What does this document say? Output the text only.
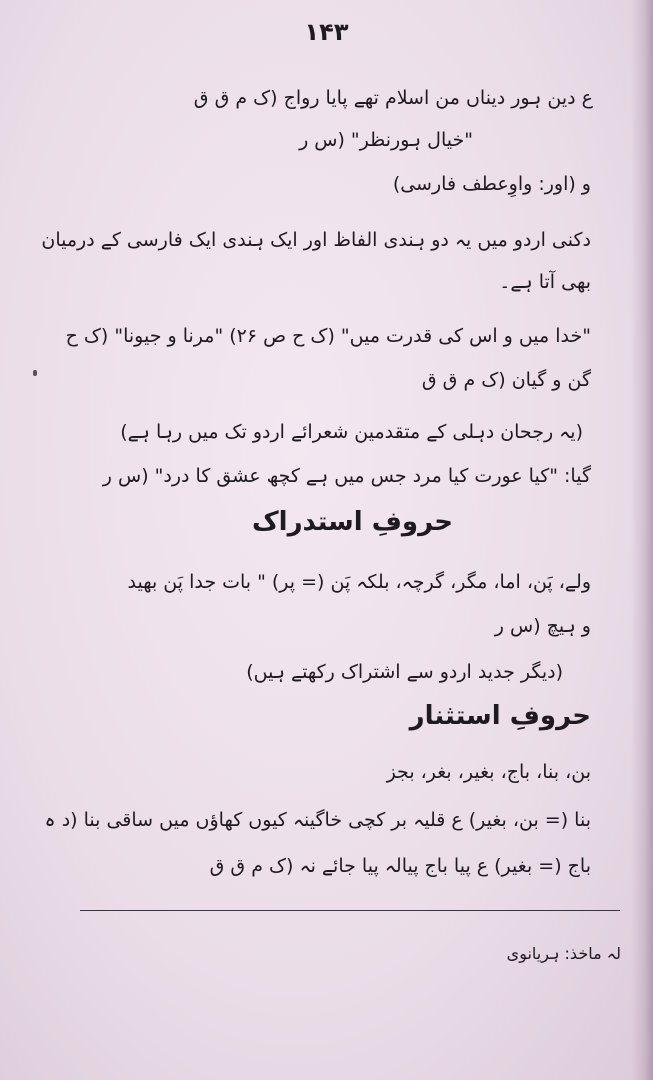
۱۴۳
ع دین ہور دیناں من اسلام تھے پایا رواج (ک م ق ق
"خیال ہورنظر" (س ر
و (اور: واوِعطف فارسی)
دکنی اردو میں یہ دو ہندی الفاظ اور ایک ہندی ایک فارسی کے درمیان
بھی آتا ہے۔
"خدا میں و اس کی قدرت میں" (ک ح ص ۲۶) "مرنا و جیونا" (ک ح
گن و گیان (ک م ق ق
(یہ رجحان دہلی کے متقدمین شعرائے اردو تک میں رہا ہے)
گیا: "کیا عورت کیا مرد جس میں ہے کچھ عشق کا درد" (س ر
حروفِ استدراک
ولے، پَن، اما، مگر، گرچہ، بلکہ پَن (= پر) " بات جدا پَن بھید
و ہیچ (س ر
(دیگر جدید اردو سے اشتراک رکھتے ہیں)
حروفِ استثنار
بن، بنا، باج، بغیر، بغر، بجز
بنا (= بن، بغیر) ع قلیہ بر کچی خاگینہ کیوں کھاؤں میں ساقی بنا (د ہ
باج (= بغیر) ع پیا باج پیالہ پیا جائے نہ (ک م ق ق
لہ ماخذ: ہریانوی
